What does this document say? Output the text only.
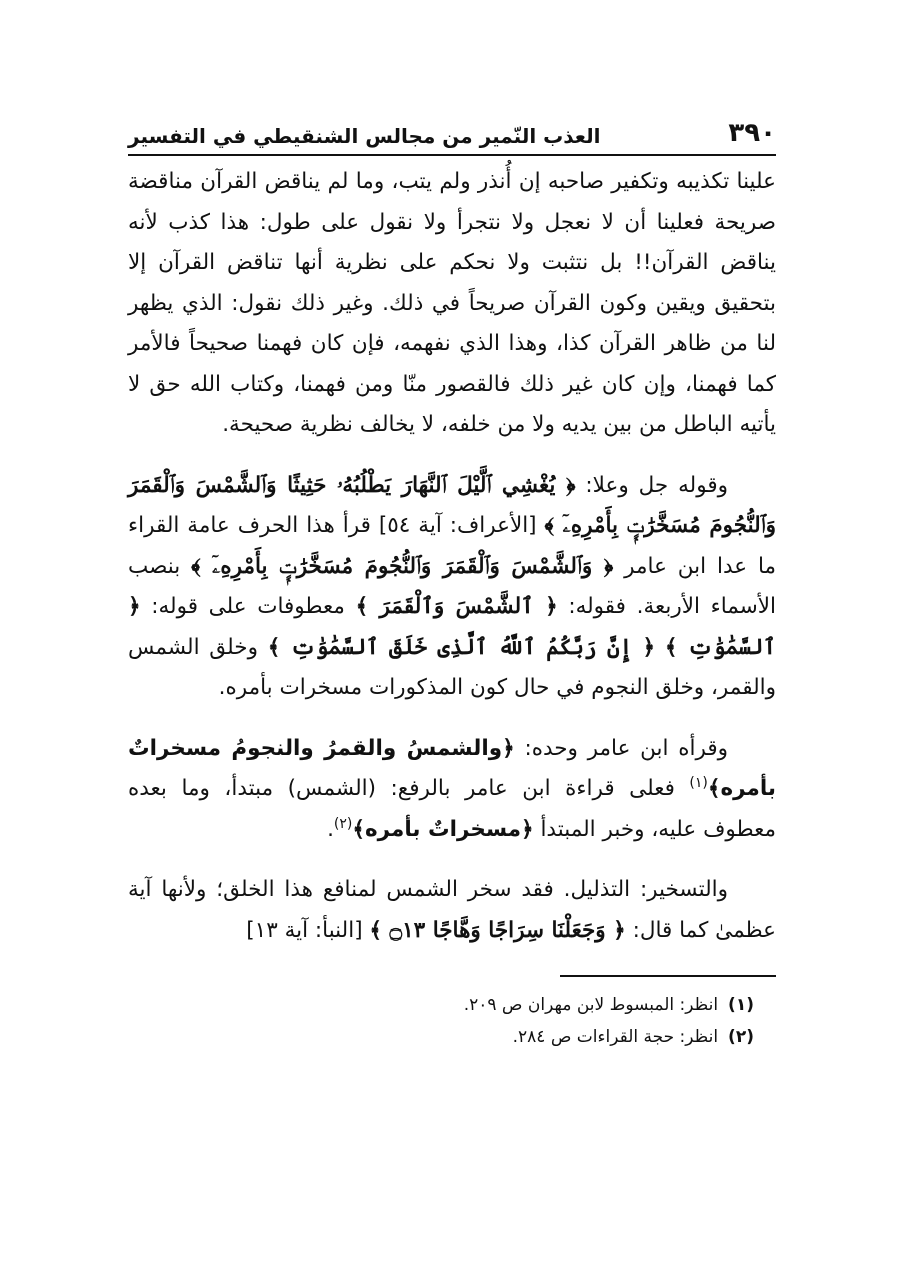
٣٩٠
العذب النّمير من مجالس الشنقيطي في التفسير

علينا تكذيبه وتكفير صاحبه إن أُنذر ولم يتب، وما لم يناقض القرآن مناقضة صريحة فعلينا أن لا نعجل ولا نتجرأ ولا نقول على طول: هذا كذب لأنه يناقض القرآن!! بل نتثبت ولا نحكم على نظرية أنها تناقض القرآن إلا بتحقيق ويقين وكون القرآن صريحاً في ذلك. وغير ذلك نقول: الذي يظهر لنا من ظاهر القرآن كذا، وهذا الذي نفهمه، فإن كان فهمنا صحيحاً فالأمر كما فهمنا، وإن كان غير ذلك فالقصور منّا ومن فهمنا، وكتاب الله حق لا يأتيه الباطل من بين يديه ولا من خلفه، لا يخالف نظرية صحيحة.

وقوله جل وعلا: ﴿ يُغْشِي ٱلَّيْلَ ٱلنَّهَارَ يَطْلُبُهُۥ حَثِيثًا وَٱلشَّمْسَ وَٱلْقَمَرَ وَٱلنُّجُومَ مُسَخَّرَٰتٍۭ بِأَمْرِهِۦٓ ﴾ [الأعراف: آية ٥٤] قرأ هذا الحرف عامة القراء ما عدا ابن عامر ﴿ وَٱلشَّمْسَ وَٱلْقَمَرَ وَٱلنُّجُومَ مُسَخَّرَٰتٍۭ بِأَمْرِهِۦٓ ﴾ بنصب الأسماء الأربعة. فقوله: ﴿ ٱلشَّمْسَ وَٱلْقَمَرَ ﴾ معطوفات على قوله: ﴿ ٱلسَّمَٰوَٰتِ ﴾ ﴿ إِنَّ رَبَّكُمُ ٱللَّهُ ٱلَّذِى خَلَقَ ٱلسَّمَٰوَٰتِ ﴾ وخلق الشمس والقمر، وخلق النجوم في حال كون المذكورات مسخرات بأمره.

وقرأه ابن عامر وحده: ﴿والشمسُ والقمرُ والنجومُ مسخراتٌ بأمره﴾$^{(١)}$ فعلى قراءة ابن عامر بالرفع: (الشمس) مبتدأ، وما بعده معطوف عليه، وخبر المبتدأ ﴿مسخراتٌ بأمره﴾$^{(٢)}$.

والتسخير: التذليل. فقد سخر الشمس لمنافع هذا الخلق؛ ولأنها آية عظمىٰ كما قال: ﴿ وَجَعَلْنَا سِرَاجًا وَهَّاجًا ۝١٣ ﴾ [النبأ: آية ١٣]

(١)انظر: المبسوط لابن مهران ص ٢٠٩.
(٢)انظر: حجة القراءات ص ٢٨٤.
